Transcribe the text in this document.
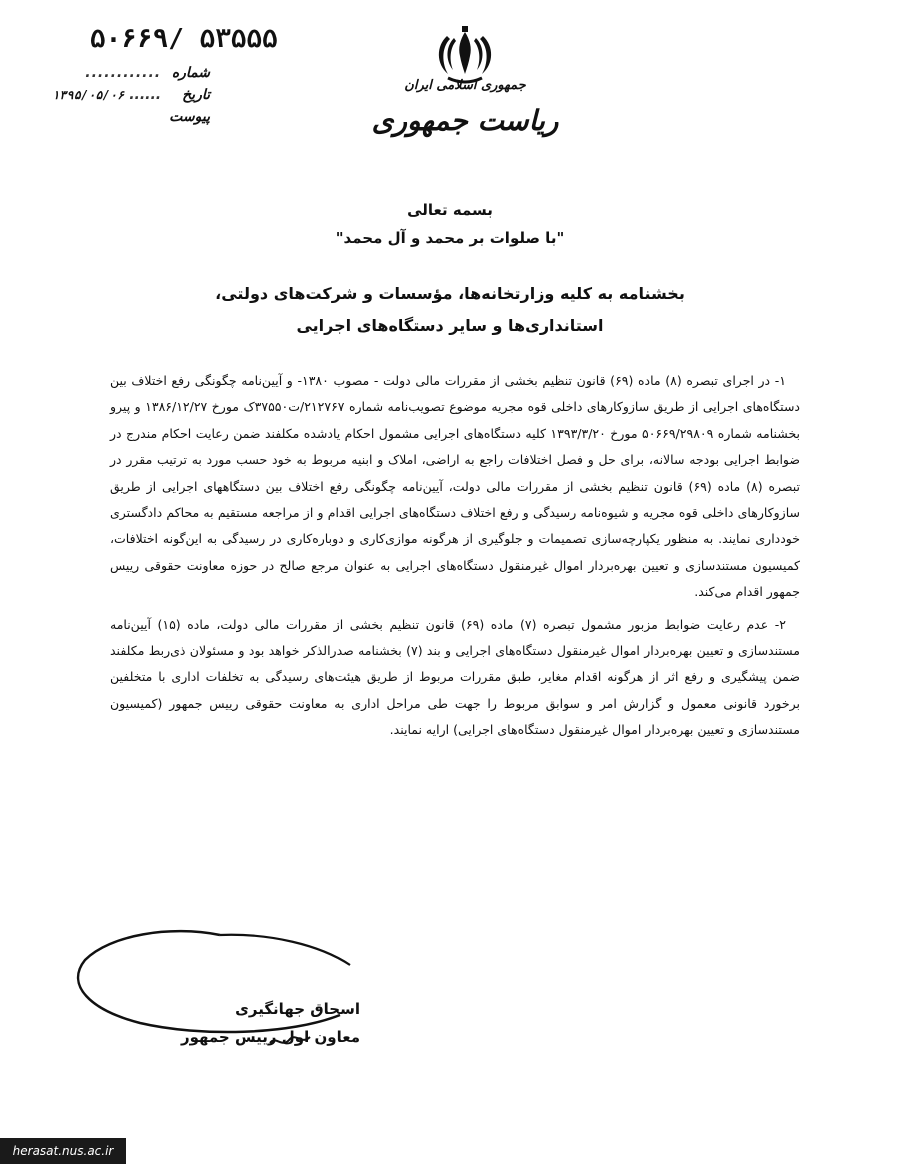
۵۰۶۶۹/ ۵۳۵۵۵
شماره ............
تاریخ ...... ۱۳۹۵/۰۵/۰۶
پیوست
جمهوری اسلامی ایران
ریاست جمهوری
بسمه تعالی
"با صلوات بر محمد و آل محمد"
بخشنامه به کلیه وزارتخانه‌ها، مؤسسات و شرکت‌های دولتی،
استانداری‌ها و سایر دستگاه‌های اجرایی

۱- در اجرای تبصره (۸) ماده (۶۹) قانون تنظیم بخشی از مقررات مالی دولت - مصوب ۱۳۸۰- و آیین‌نامه چگونگی رفع اختلاف بین دستگاه‌های اجرایی از طریق سازوکارهای داخلی قوه مجریه موضوع تصویب‌نامه شماره ۲۱۲۷۶۷/ت۳۷۵۵۰ک مورخ ۱۳۸۶/۱۲/۲۷ و پیرو بخشنامه شماره ۵۰۶۶۹/۲۹۸۰۹ مورخ ۱۳۹۳/۳/۲۰ کلیه دستگاه‌های اجرایی مشمول احکام یادشده مکلفند ضمن رعایت احکام مندرج در ضوابط اجرایی بودجه سالانه، برای حل و فصل اختلافات راجع به اراضی، املاک و ابنیه مربوط به خود حسب مورد به ترتیب مقرر در تبصره (۸) ماده (۶۹) قانون تنظیم بخشی از مقررات مالی دولت، آیین‌نامه چگونگی رفع اختلاف بین دستگاههای اجرایی از طریق سازوکارهای داخلی قوه مجریه و شیوه‌نامه رسیدگی و رفع اختلاف دستگاه‌های اجرایی اقدام و از مراجعه مستقیم به محاکم دادگستری خودداری نمایند. به منظور یکپارچه‌سازی تصمیمات و جلوگیری از هرگونه موازی‌کاری و دوباره‌کاری در رسیدگی به این‌گونه اختلافات، کمیسیون مستندسازی و تعیین بهره‌بردار اموال غیرمنقول دستگاه‌های اجرایی به عنوان مرجع صالح در حوزه معاونت حقوقی رییس جمهور اقدام می‌کند.

۲- عدم رعایت ضوابط مزبور مشمول تبصره (۷) ماده (۶۹) قانون تنظیم بخشی از مقررات مالی دولت، ماده (۱۵) آیین‌نامه مستندسازی و تعیین بهره‌بردار اموال غیرمنقول دستگاه‌های اجرایی و بند (۷) بخشنامه صدرالذکر خواهد بود و مسئولان ذی‌ربط مکلفند ضمن پیشگیری و رفع اثر از هرگونه اقدام مغایر، طبق مقررات مربوط از طریق هیئت‌های رسیدگی به تخلفات اداری با متخلفین برخورد قانونی معمول و گزارش امر و سوابق مربوط را جهت طی مراحل اداری به معاونت حقوقی رییس جمهور (کمیسیون مستندسازی و تعیین بهره‌بردار اموال غیرمنقول دستگاه‌های اجرایی) ارایه نمایند.

اسحاق جهانگیری
معاون اول رییس جمهور
herasat.nus.ac.ir
